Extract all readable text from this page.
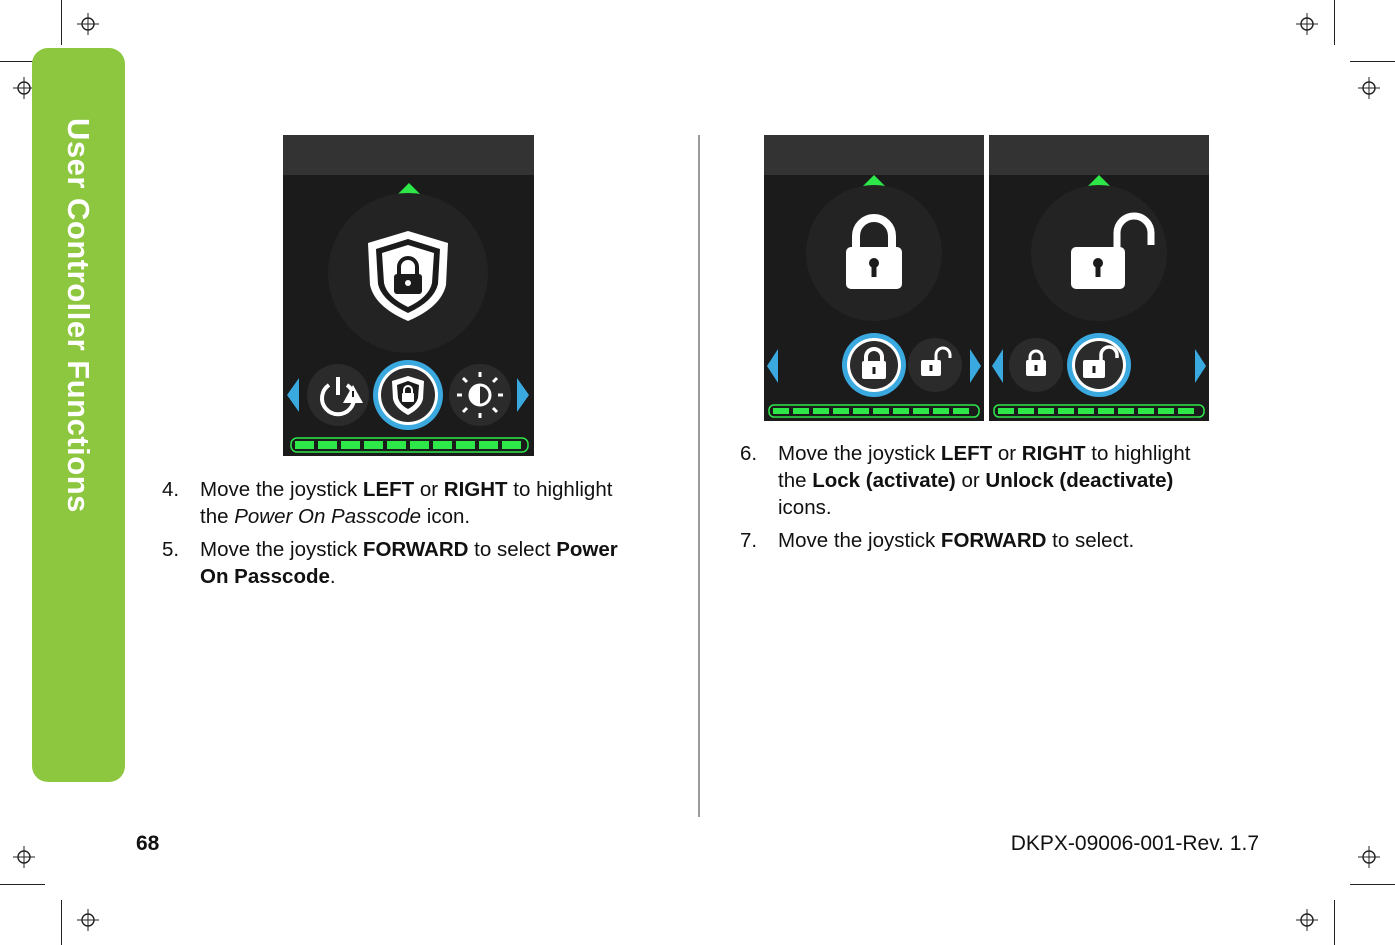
User Controller Functions	4. Move the joystick LEFT or RIGHT to highlight the Power On Passcode icon.
5. Move the joystick FORWARD to select Power On Passcode.
6. Move the joystick LEFT or RIGHT to highlight the Lock (activate) or Unlock (deactivate) icons.
7. Move the joystick FORWARD to select.
68	DKPX-09006-001-Rev. 1.7
